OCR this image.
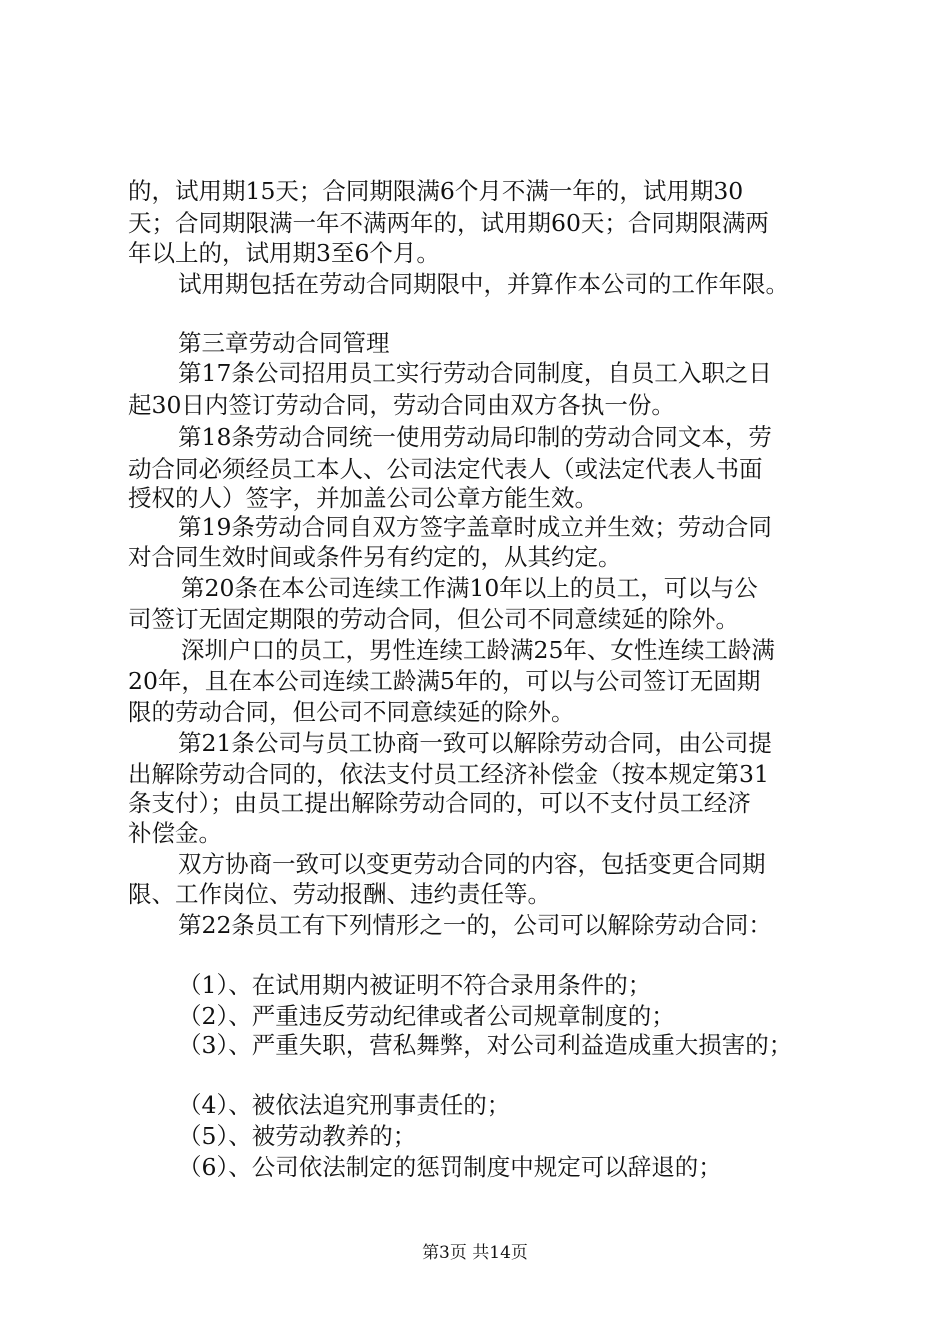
的，试用期15天；合同期限满6个月不满一年的，试用期30
天；合同期限满一年不满两年的，试用期60天；合同期限满两
年以上的，试用期3至6个月。
试用期包括在劳动合同期限中，并算作本公司的工作年限。
第三章劳动合同管理
第17条公司招用员工实行劳动合同制度，自员工入职之日
起30日内签订劳动合同，劳动合同由双方各执一份。
第18条劳动合同统一使用劳动局印制的劳动合同文本，劳
动合同必须经员工本人、公司法定代表人（或法定代表人书面
授权的人）签字，并加盖公司公章方能生效。
第19条劳动合同自双方签字盖章时成立并生效；劳动合同
对合同生效时间或条件另有约定的，从其约定。
第20条在本公司连续工作满10年以上的员工，可以与公
司签订无固定期限的劳动合同，但公司不同意续延的除外。
深圳户口的员工，男性连续工龄满25年、女性连续工龄满
20年，且在本公司连续工龄满5年的，可以与公司签订无固期
限的劳动合同，但公司不同意续延的除外。
第21条公司与员工协商一致可以解除劳动合同，由公司提
出解除劳动合同的，依法支付员工经济补偿金（按本规定第31
条支付）；由员工提出解除劳动合同的，可以不支付员工经济
补偿金。
双方协商一致可以变更劳动合同的内容，包括变更合同期
限、工作岗位、劳动报酬、违约责任等。
第22条员工有下列情形之一的，公司可以解除劳动合同：
（1）、在试用期内被证明不符合录用条件的；
（2）、严重违反劳动纪律或者公司规章制度的；
（3）、严重失职，营私舞弊，对公司利益造成重大损害的；
（4）、被依法追究刑事责任的；
（5）、被劳动教养的；
（6）、公司依法制定的惩罚制度中规定可以辞退的；
第3页 共14页
